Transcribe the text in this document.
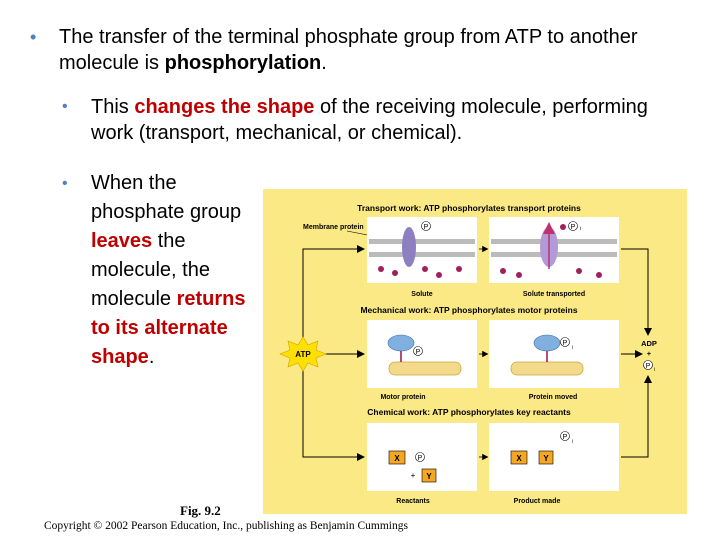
• The transfer of the terminal phosphate group from ATP to another molecule is phosphorylation.
• This changes the shape of the receiving molecule, performing work (transport, mechanical, or chemical).
• When the phosphate group leaves the molecule, the molecule returns to its alternate shape.
Transport work: ATP phosphorylates transport proteins
Membrane protein	P	P i
Solute	Solute transported
Mechanical work: ATP phosphorylates motor proteins
P
P
i
Motor protein	Protein moved
Chemical work: ATP phosphorylates key reactants
X	P
+ Y
X	Y
P
i
Reactants	Product made
ATP
ADP
+
P i
Fig. 9.2
Copyright © 2002 Pearson Education, Inc., publishing as Benjamin Cummings
